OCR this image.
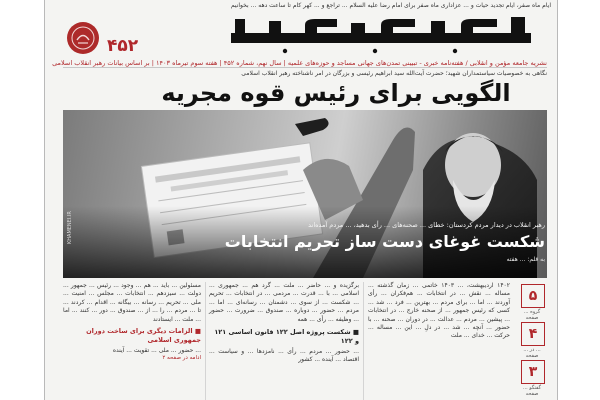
ایام ماه صفر، ایام تجدید حیات و ... عزاداری ماه صفر برای امام رضا علیه السلام ... تراجع و ... کهر کام تا ساعت دهه ... بخوانیم
۴۵۲
نشریه جامعه مؤمن و انقلابی / هفته‌نامه خبری - تبیینی تمدن‌های جهانی مساجد و حوزه‌های علمیه | سال نهم، شماره ۴۵۲ | هفته سوم تیرماه ۱۴۰۳ | بر اساس بیانات رهبر انقلاب اسلامی
نگاهی به خصوصیات سیاستمداران شهید؛ حضرت آیت‌الله سید ابراهیم رئیسی و بزرگان در امر ناشناخته رهبر انقلاب اسلامی
الگویی برای رئیس قوه مجریه
KHAMENEI.IR	رهبر انقلاب در دیدار مردم کردستان: خطای ... صحنه‌های ... رأی بدهید، ... مردم آمده‌اند
شکست غوغای دست ساز تحریم انتخابات
به قلم: ... هفته

مسئولین ... باید ... هم ... وجود ... رئیس ... جمهور ... دولت ... سیزدهم ... انتخابات ... مجلس ... امنیت ... ملی ... تحریم ... رسانه ... بیگانه ... اقدام ... کردند ... تا ... مردم ... را ... از ... صندوق ... دور ... کنند ... اما ... ملت ... ایستادند

■ الزامات دیگری برای ساخت دوران جمهوری اسلامی

... حضور ... ملی ... تقویت ... آینده

ادامه در صفحه ۲

برگزیده و ... حاضر ... ملت ... گرد هم ... جمهوری ... اسلامی ... با ... قدرت ... مردمی ... در انتخابات ... تحریم ... شکست ... از سوی ... دشمنان ... رسانه‌ای ... اما ... مردم ... حضور ... دوباره ... صندوق ... ضرورت ... حضور ... وظیفه ... رأی ... همه

■ شکست پروژه اصل ۱۲۲ قانون اساسی ۱۲۱ و ۱۲۲

... حضور ... مردم ... رأی ... نامزدها ... و سیاست ... اقتصاد ... آینده ... کشور

۱۴۰۲ اردیبهشت، ... ۱۴۰۳ خاتمی ... زمان گذشته ... مساله ... نقش ... در انتخابات ... هم‌فکران ... رأی آوردند ... اما ... برای مردم ... بهترین ... فرد ... شد ... کسی که رئیس جمهور ... از صحنه خارج ... در انتخابات ... پیشین ... مردم ... عدالت ... در دوران ... صحنه ... با حضور ... آنچه ... شد ... در دلِ ... این ... مساله ... حرکت ... خدای ... ملت

۵
گروه ... صفحه
۴
... در ... صفحه
۳
گفتگو ... صفحه
